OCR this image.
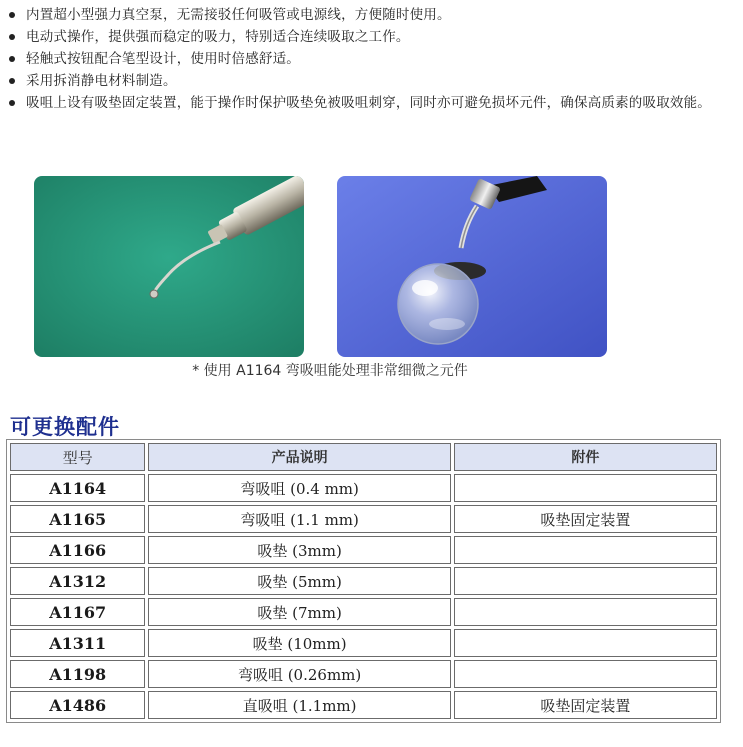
内置超小型强力真空泵，无需接驳任何吸管或电源线，方便随时使用。
电动式操作，提供强而稳定的吸力，特别适合连续吸取之工作。
轻触式按钮配合笔型设计，使用时倍感舒适。
采用拆消静电材料制造。
吸咀上设有吸垫固定装置，能于操作时保护吸垫免被吸咀刺穿，同时亦可避免损坏元件，确保高质素的吸取效能。
* 使用 A1164 弯吸咀能处理非常细微之元件
可更换配件
型号	产品说明	附件
A1164	弯吸咀 (0.4 mm)	
A1165	弯吸咀 (1.1 mm)	吸垫固定装置
A1166	吸垫 (3mm)	
A1312	吸垫 (5mm)	
A1167	吸垫 (7mm)	
A1311	吸垫 (10mm)	
A1198	弯吸咀 (0.26mm)	
A1486	直吸咀 (1.1mm)	吸垫固定装置
